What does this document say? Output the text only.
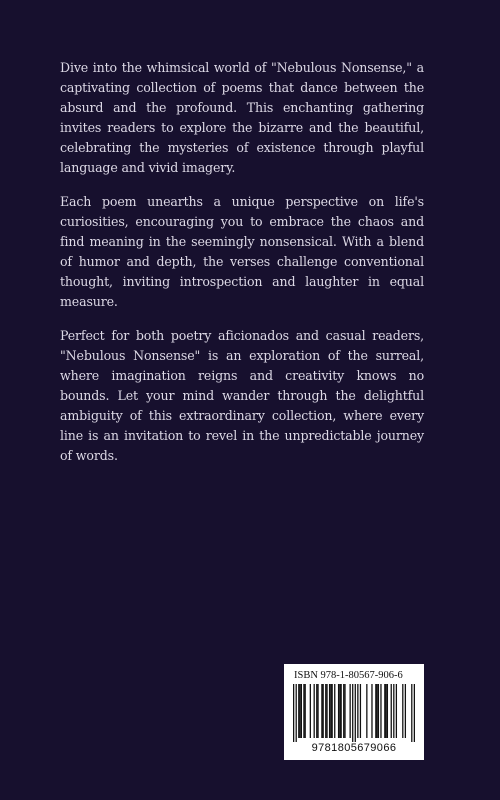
Dive into the whimsical world of "Nebulous Nonsense," a captivating collection of poems that dance between the absurd and the profound. This enchanting gathering invites readers to explore the bizarre and the beautiful, celebrating the mysteries of existence through playful language and vivid imagery.

Each poem unearths a unique perspective on life's curiosities, encouraging you to embrace the chaos and find meaning in the seemingly nonsensical. With a blend of humor and depth, the verses challenge conventional thought, inviting introspection and laughter in equal measure.

Perfect for both poetry aficionados and casual readers, "Nebulous Nonsense" is an exploration of the surreal, where imagination reigns and creativity knows no bounds. Let your mind wander through the delightful ambiguity of this extraordinary collection, where every line is an invitation to revel in the unpredictable journey of words.

ISBN 978-1-80567-906-6
9781805679066
